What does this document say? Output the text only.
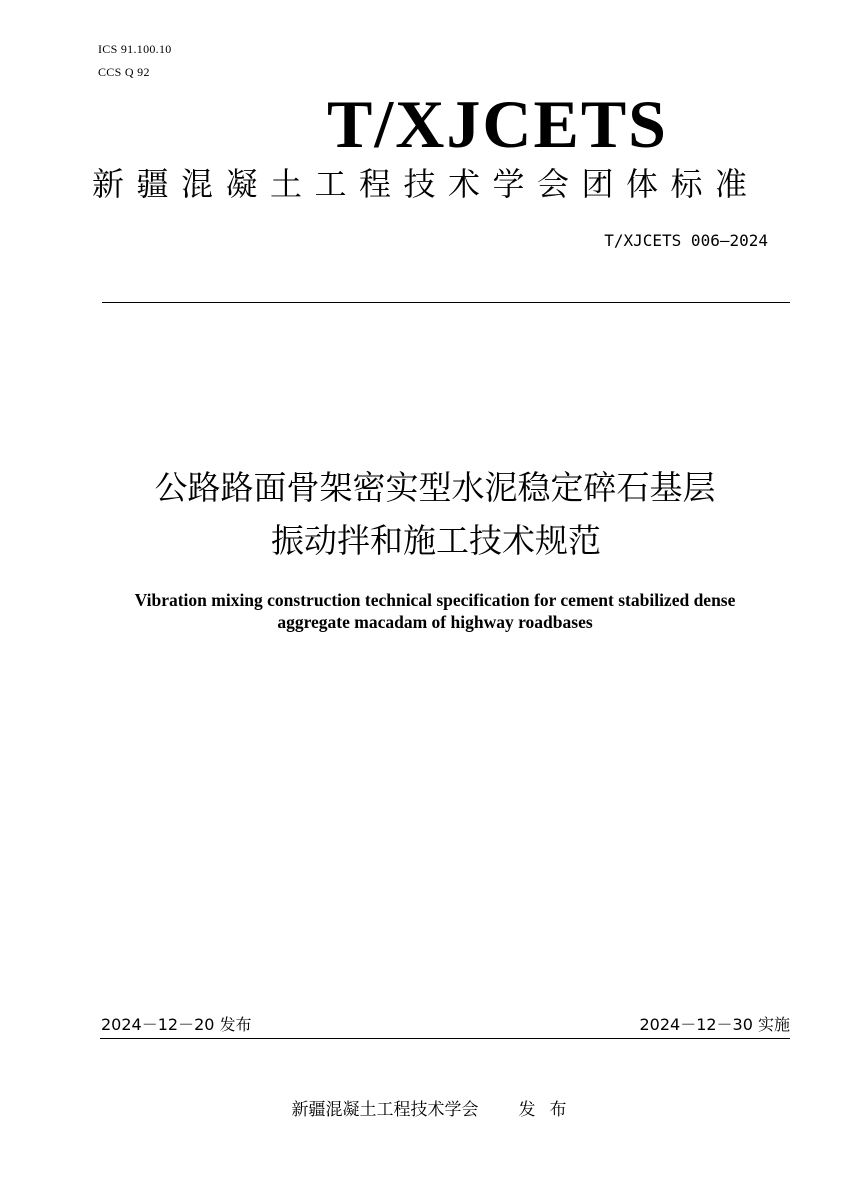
ICS 91.100.10
CCS Q 92
T/XJCETS
新疆混凝土工程技术学会团体标准
T/XJCETS 006—2024
公路路面骨架密实型水泥稳定碎石基层
振动拌和施工技术规范
Vibration mixing construction technical specification for cement stabilized dense
aggregate macadam of highway roadbases
2024－12－20 发布	2024－12－30 实施
新疆混凝土工程技术学会 发布
